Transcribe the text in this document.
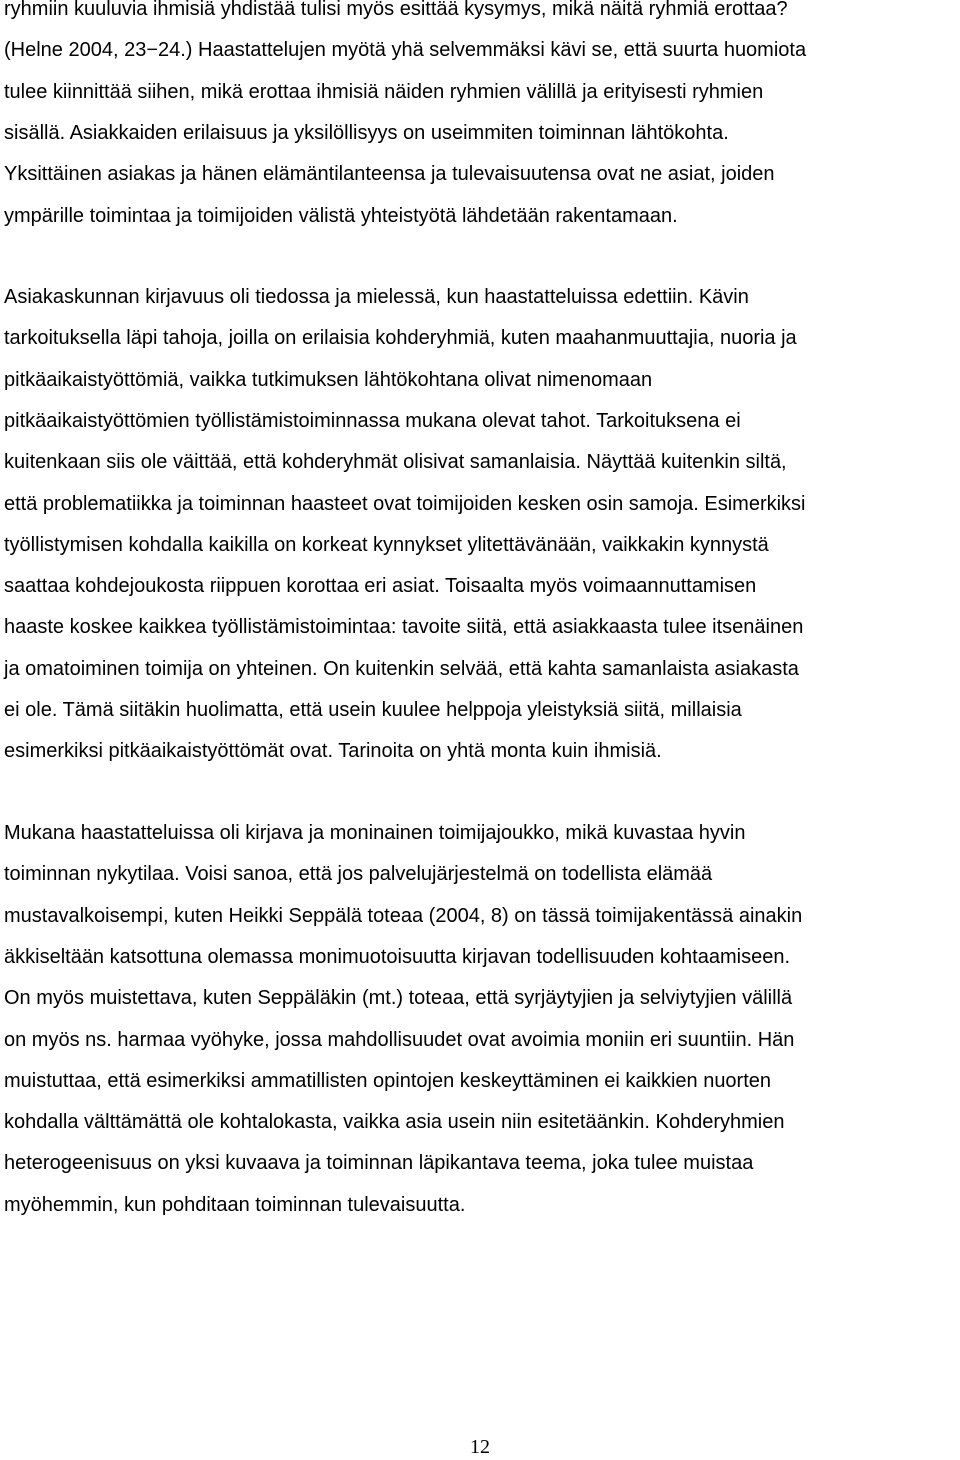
ryhmiin kuuluvia ihmisiä yhdistää tulisi myös esittää kysymys, mikä näitä ryhmiä erottaa?
(Helne 2004, 23−24.) Haastattelujen myötä yhä selvemmäksi kävi se, että suurta huomiota
tulee kiinnittää siihen, mikä erottaa ihmisiä näiden ryhmien välillä ja erityisesti ryhmien
sisällä. Asiakkaiden erilaisuus ja yksilöllisyys on useimmiten toiminnan lähtökohta.
Yksittäinen asiakas ja hänen elämäntilanteensa ja tulevaisuutensa ovat ne asiat, joiden
ympärille toimintaa ja toimijoiden välistä yhteistyötä lähdetään rakentamaan.
Asiakaskunnan kirjavuus oli tiedossa ja mielessä, kun haastatteluissa edettiin. Kävin
tarkoituksella läpi tahoja, joilla on erilaisia kohderyhmiä, kuten maahanmuuttajia, nuoria ja
pitkäaikaistyöttömiä, vaikka tutkimuksen lähtökohtana olivat nimenomaan
pitkäaikaistyöttömien työllistämistoiminnassa mukana olevat tahot. Tarkoituksena ei
kuitenkaan siis ole väittää, että kohderyhmät olisivat samanlaisia. Näyttää kuitenkin siltä,
että problematiikka ja toiminnan haasteet ovat toimijoiden kesken osin samoja. Esimerkiksi
työllistymisen kohdalla kaikilla on korkeat kynnykset ylitettävänään, vaikkakin kynnystä
saattaa kohdejoukosta riippuen korottaa eri asiat. Toisaalta myös voimaannuttamisen
haaste koskee kaikkea työllistämistoimintaa: tavoite siitä, että asiakkaasta tulee itsenäinen
ja omatoiminen toimija on yhteinen. On kuitenkin selvää, että kahta samanlaista asiakasta
ei ole. Tämä siitäkin huolimatta, että usein kuulee helppoja yleistyksiä siitä, millaisia
esimerkiksi pitkäaikaistyöttömät ovat. Tarinoita on yhtä monta kuin ihmisiä.
Mukana haastatteluissa oli kirjava ja moninainen toimijajoukko, mikä kuvastaa hyvin
toiminnan nykytilaa. Voisi sanoa, että jos palvelujärjestelmä on todellista elämää
mustavalkoisempi, kuten Heikki Seppälä toteaa (2004, 8) on tässä toimijakentässä ainakin
äkkiseltään katsottuna olemassa monimuotoisuutta kirjavan todellisuuden kohtaamiseen.
On myös muistettava, kuten Seppäläkin (mt.) toteaa, että syrjäytyjien ja selviytyjien välillä
on myös ns. harmaa vyöhyke, jossa mahdollisuudet ovat avoimia moniin eri suuntiin. Hän
muistuttaa, että esimerkiksi ammatillisten opintojen keskeyttäminen ei kaikkien nuorten
kohdalla välttämättä ole kohtalokasta, vaikka asia usein niin esitetäänkin. Kohderyhmien
heterogeenisuus on yksi kuvaava ja toiminnan läpikantava teema, joka tulee muistaa
myöhemmin, kun pohditaan toiminnan tulevaisuutta.
12
